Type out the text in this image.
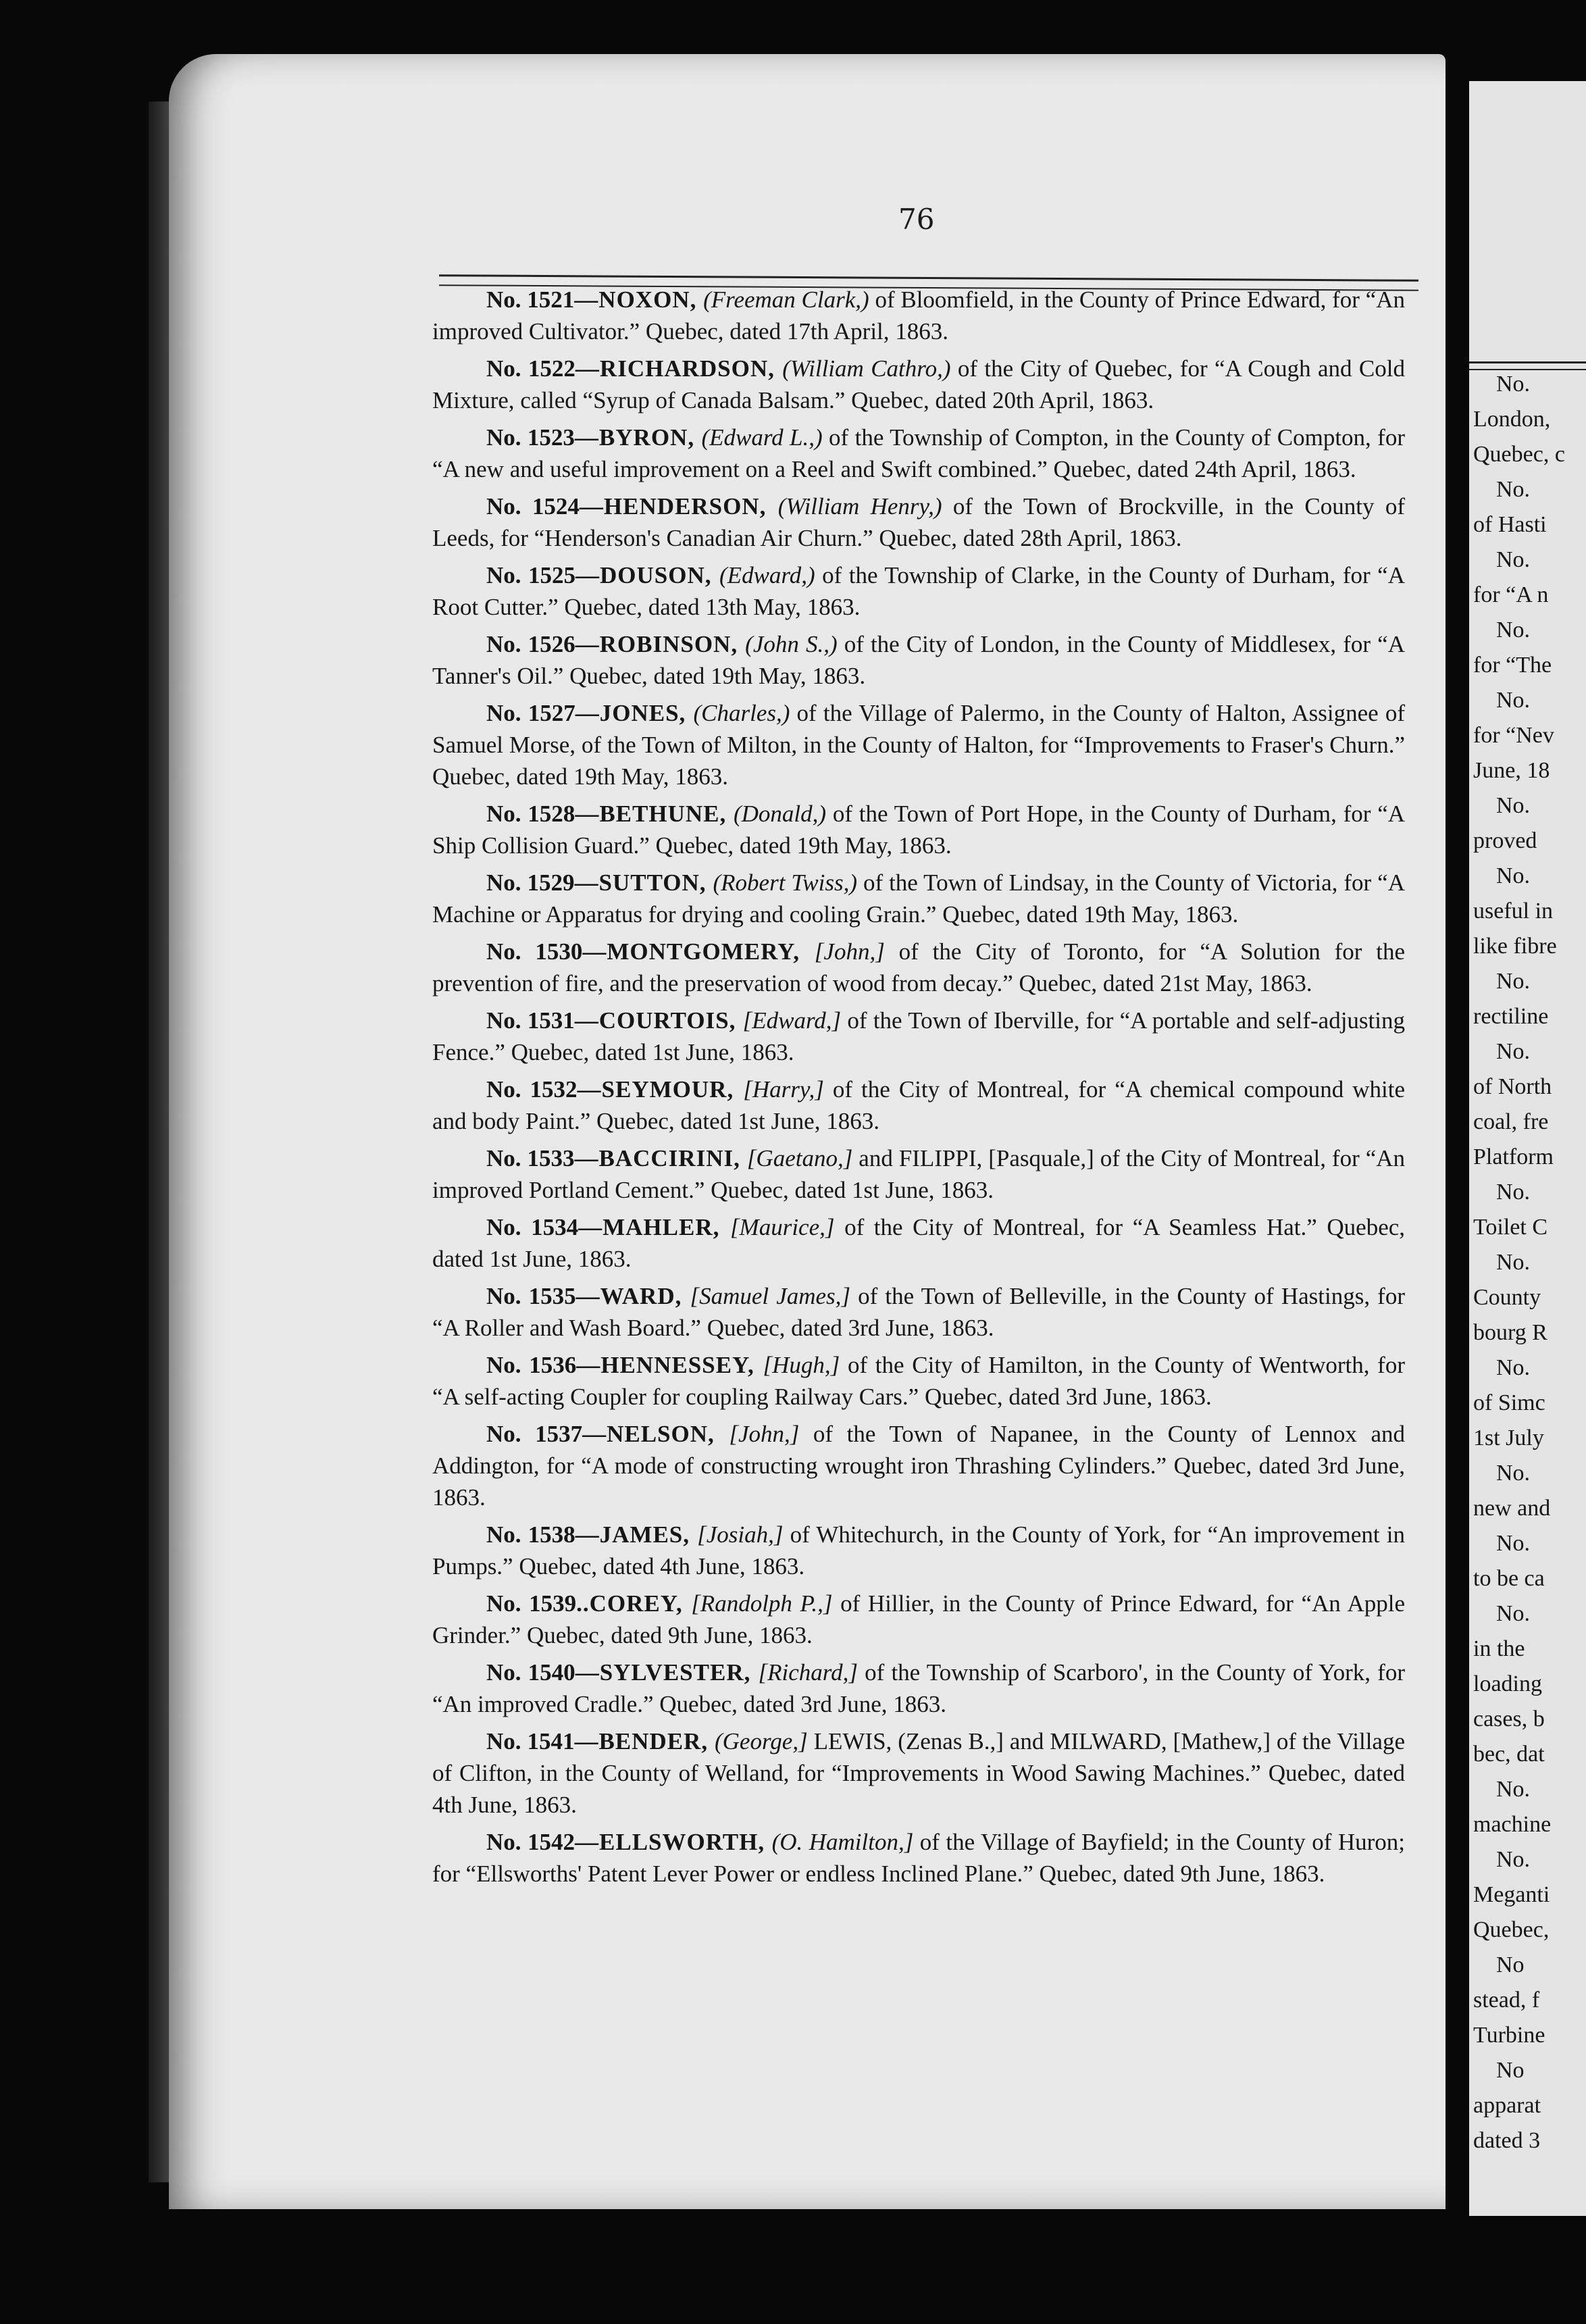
76

No. 1521—NOXON, (Freeman Clark,) of Bloomfield, in the County of Prince Edward, for “An improved Cultivator.” Quebec, dated 17th April, 1863.

No. 1522—RICHARDSON, (William Cathro,) of the City of Quebec, for “A Cough and Cold Mixture, called “Syrup of Canada Balsam.” Quebec, dated 20th April, 1863.

No. 1523—BYRON, (Edward L.,) of the Township of Compton, in the County of Compton, for “A new and useful improvement on a Reel and Swift combined.” Quebec, dated 24th April, 1863.

No. 1524—HENDERSON, (William Henry,) of the Town of Brockville, in the County of Leeds, for “Henderson's Canadian Air Churn.” Quebec, dated 28th April, 1863.

No. 1525—DOUSON, (Edward,) of the Township of Clarke, in the County of Durham, for “A Root Cutter.” Quebec, dated 13th May, 1863.

No. 1526—ROBINSON, (John S.,) of the City of London, in the County of Middlesex, for “A Tanner's Oil.” Quebec, dated 19th May, 1863.

No. 1527—JONES, (Charles,) of the Village of Palermo, in the County of Halton, Assignee of Samuel Morse, of the Town of Milton, in the County of Halton, for “Improvements to Fraser's Churn.” Quebec, dated 19th May, 1863.

No. 1528—BETHUNE, (Donald,) of the Town of Port Hope, in the County of Durham, for “A Ship Collision Guard.” Quebec, dated 19th May, 1863.

No. 1529—SUTTON, (Robert Twiss,) of the Town of Lindsay, in the County of Victoria, for “A Machine or Apparatus for drying and cooling Grain.” Quebec, dated 19th May, 1863.

No. 1530—MONTGOMERY, [John,] of the City of Toronto, for “A Solution for the prevention of fire, and the preservation of wood from decay.” Quebec, dated 21st May, 1863.

No. 1531—COURTOIS, [Edward,] of the Town of Iberville, for “A portable and self-adjusting Fence.” Quebec, dated 1st June, 1863.

No. 1532—SEYMOUR, [Harry,] of the City of Montreal, for “A chemical compound white and body Paint.” Quebec, dated 1st June, 1863.

No. 1533—BACCIRINI, [Gaetano,] and FILIPPI, [Pasquale,] of the City of Montreal, for “An improved Portland Cement.” Quebec, dated 1st June, 1863.

No. 1534—MAHLER, [Maurice,] of the City of Montreal, for “A Seamless Hat.” Quebec, dated 1st June, 1863.

No. 1535—WARD, [Samuel James,] of the Town of Belleville, in the County of Hastings, for “A Roller and Wash Board.” Quebec, dated 3rd June, 1863.

No. 1536—HENNESSEY, [Hugh,] of the City of Hamilton, in the County of Wentworth, for “A self-acting Coupler for coupling Railway Cars.” Quebec, dated 3rd June, 1863.

No. 1537—NELSON, [John,] of the Town of Napanee, in the County of Lennox and Addington, for “A mode of constructing wrought iron Thrashing Cylinders.” Quebec, dated 3rd June, 1863.

No. 1538—JAMES, [Josiah,] of Whitechurch, in the County of York, for “An improvement in Pumps.” Quebec, dated 4th June, 1863.

No. 1539..COREY, [Randolph P.,] of Hillier, in the County of Prince Edward, for “An Apple Grinder.” Quebec, dated 9th June, 1863.

No. 1540—SYLVESTER, [Richard,] of the Township of Scarboro', in the County of York, for “An improved Cradle.” Quebec, dated 3rd June, 1863.

No. 1541—BENDER, (George,] LEWIS, (Zenas B.,] and MILWARD, [Mathew,] of the Village of Clifton, in the County of Welland, for “Improvements in Wood Sawing Machines.” Quebec, dated 4th June, 1863.

No. 1542—ELLSWORTH, (O. Hamilton,] of the Village of Bayfield; in the County of Huron; for “Ellsworths' Patent Lever Power or endless Inclined Plane.” Quebec, dated 9th June, 1863.

No.
London,
Quebec, c
No.
of Hasti
No.
for “A n
No.
for “The
No.
for “Nev
June, 18
No.
proved
No.
useful in
like fibre
No.
rectiline
No.
of North
coal, fre
Platform
No.
Toilet C
No.
County
bourg R
No.
of Simc
1st July
No.
new and
No.
to be ca
No.
in the
loading
cases, b
bec, dat
No.
machine
No.
Meganti
Quebec,
No
stead, f
Turbine
No
apparat
dated 3
